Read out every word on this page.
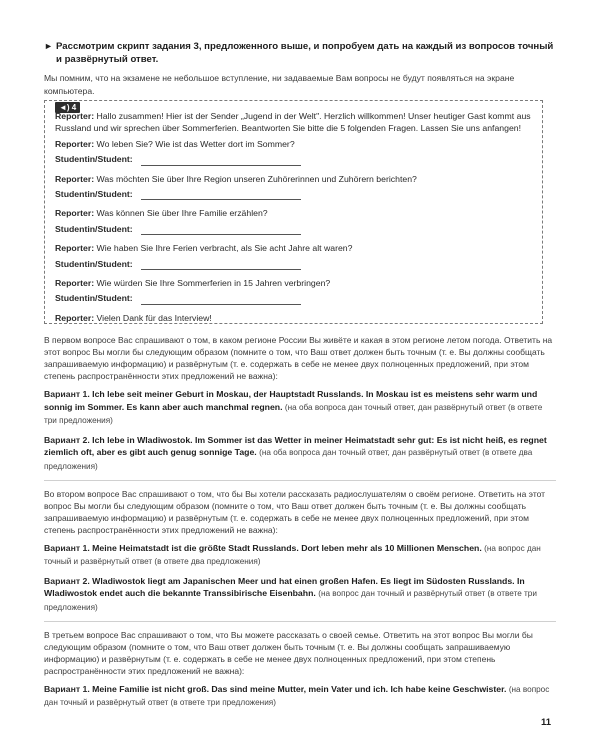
► Рассмотрим скрипт задания 3, предложенного выше, и попробуем дать на каждый из вопросов точный и развёрнутый ответ.
Мы помним, что на экзамене не небольшое вступление, ни задаваемые Вам вопросы не будут появляться на экране компьютера.
◄) 4

Reporter: Hallo zusammen! Hier ist der Sender „Jugend in der Welt". Herzlich willkommen! Unser heutiger Gast kommt aus Russland und wir sprechen über Sommerferien. Beantworten Sie bitte die 5 folgenden Fragen. Lassen Sie uns anfangen!

Reporter: Wo leben Sie? Wie ist das Wetter dort im Sommer?

Studentin/Student:

Reporter: Was möchten Sie über Ihre Region unseren Zuhörerinnen und Zuhörern berichten?

Studentin/Student:

Reporter: Was können Sie über Ihre Familie erzählen?

Studentin/Student:

Reporter: Wie haben Sie Ihre Ferien verbracht, als Sie acht Jahre alt waren?

Studentin/Student:

Reporter: Wie würden Sie Ihre Sommerferien in 15 Jahren verbringen?

Studentin/Student:

Reporter: Vielen Dank für das Interview!

В первом вопросе Вас спрашивают о том, в каком регионе России Вы живёте и какая в этом регионе летом погода. Ответить на этот вопрос Вы могли бы следующим образом (помните о том, что Ваш ответ должен быть точным (т. е. Вы должны сообщать запрашиваемую информацию) и развёрнутым (т. е. содержать в себе не менее двух полноценных предложений, при этом степень распространённости этих предложений не важна):

Вариант 1. Ich lebe seit meiner Geburt in Moskau, der Hauptstadt Russlands. In Moskau ist es meistens sehr warm und sonnig im Sommer. Es kann aber auch manchmal regnen. (на оба вопроса дан точный ответ, дан развёрнутый ответ (в ответе три предложения)

Вариант 2. Ich lebe in Wladiwostok. Im Sommer ist das Wetter in meiner Heimatstadt sehr gut: Es ist nicht heiß, es regnet ziemlich oft, aber es gibt auch genug sonnige Tage. (на оба вопроса дан точный ответ, дан развёрнутый ответ (в ответе два предложения)

Во втором вопросе Вас спрашивают о том, что бы Вы хотели рассказать радиослушателям о своём регионе. Ответить на этот вопрос Вы могли бы следующим образом (помните о том, что Ваш ответ должен быть точным (т. е. Вы должны сообщать запрашиваемую информацию) и развёрнутым (т. е. содержать в себе не менее двух полноценных предложений, при этом степень распространённости этих предложений не важна):

Вариант 1. Meine Heimatstadt ist die größte Stadt Russlands. Dort leben mehr als 10 Millionen Menschen. (на вопрос дан точный и развёрнутый ответ (в ответе два предложения)

Вариант 2. Wladiwostok liegt am Japanischen Meer und hat einen großen Hafen. Es liegt im Südosten Russlands. In Wladiwostok endet auch die bekannte Transsibirische Eisenbahn. (на вопрос дан точный и развёрнутый ответ (в ответе три предложения)

В третьем вопросе Вас спрашивают о том, что Вы можете рассказать о своей семье. Ответить на этот вопрос Вы могли бы следующим образом (помните о том, что Ваш ответ должен быть точным (т. е. Вы должны сообщать запрашиваемую информацию) и развёрнутым (т. е. содержать в себе не менее двух полноценных предложений, при этом степень распространённости этих предложений не важна):

Вариант 1. Meine Familie ist nicht groß. Das sind meine Mutter, mein Vater und ich. Ich habe keine Geschwister. (на вопрос дан точный и развёрнутый ответ (в ответе три предложения)

11
